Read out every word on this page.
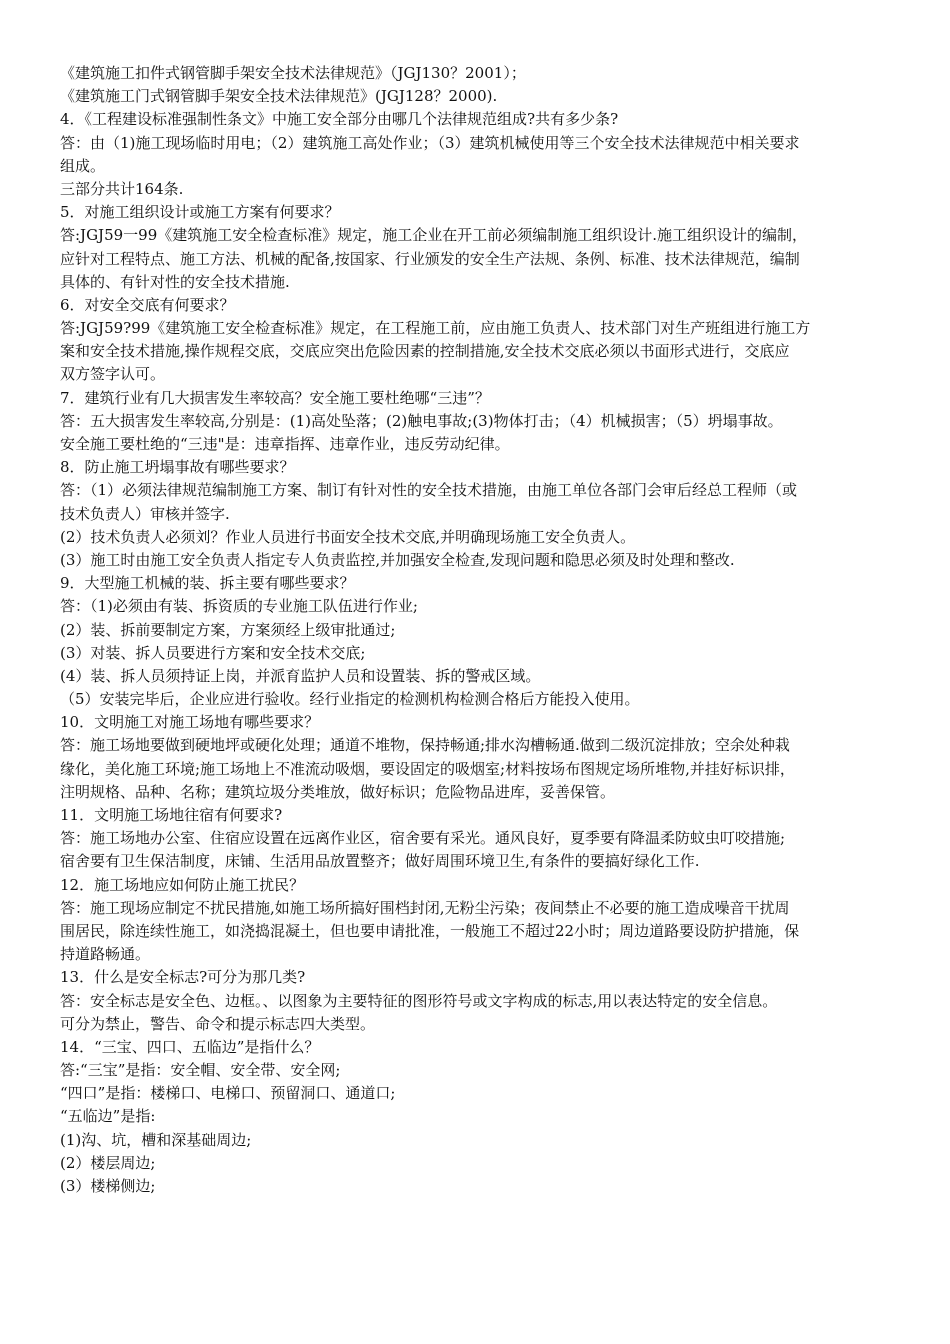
《建筑施工扣件式钢管脚手架安全技术法律规范》（JGJ130？2001）；
《建筑施工门式钢管脚手架安全技术法律规范》(JGJ128？2000).
4．《工程建设标准强制性条文》中施工安全部分由哪几个法律规范组成?共有多少条?
答：由（1)施工现场临时用电；（2）建筑施工高处作业；（3）建筑机械使用等三个安全技术法律规范中相关要求
组成。
三部分共计164条.
5．对施工组织设计或施工方案有何要求？
答:JGJ59一99《建筑施工安全检查标准》规定，施工企业在开工前必须编制施工组织设计.施工组织设计的编制，
应针对工程特点、施工方法、机械的配备,按国家、行业颁发的安全生产法规、条例、标准、技术法律规范，编制
具体的、有针对性的安全技术措施.
6．对安全交底有何要求？
答:JGJ59?99《建筑施工安全检查标准》规定，在工程施工前，应由施工负责人、技术部门对生产班组进行施工方
案和安全技术措施,操作规程交底，交底应突出危险因素的控制措施,安全技术交底必须以书面形式进行，交底应
双方签字认可。
7．建筑行业有几大损害发生率较高？安全施工要杜绝哪“三违”？
答：五大损害发生率较高,分别是：(1)高处坠落；(2)触电事故;(3)物体打击；（4）机械损害；（5）坍塌事故。
安全施工要杜绝的“三违"是：违章指挥、违章作业，违反劳动纪律。
8．防止施工坍塌事故有哪些要求？
答：（1）必须法律规范编制施工方案、制订有针对性的安全技术措施，由施工单位各部门会审后经总工程师（或
技术负责人）审核并签字.
(2）技术负责人必须刘？作业人员进行书面安全技术交底,并明确现场施工安全负责人。
(3）施工时由施工安全负责人指定专人负责监控,并加强安全检查,发现问题和隐思必须及时处理和整改.
9．大型施工机械的装、拆主要有哪些要求？
答：（1)必须由有装、拆资质的专业施工队伍进行作业;
(2）装、拆前要制定方案，方案须经上级审批通过;
(3）对装、拆人员要进行方案和安全技术交底;
(4）装、拆人员须持证上岗，并派育监护人员和设置装、拆的警戒区域。
（5）安装完毕后，企业应进行验收。经行业指定的检测机构检测合格后方能投入使用。
10．文明施工对施工场地有哪些要求？
答：施工场地要做到硬地坪或硬化处理；通道不堆物，保持畅通;排水沟槽畅通.做到二级沉淀排放；空余处种栽
缘化，美化施工环境;施工场地上不准流动吸烟，要设固定的吸烟室;材料按场布图规定场所堆物,并挂好标识排，
注明规格、品种、名称；建筑垃圾分类堆放，做好标识；危险物品进库，妥善保管。
11．文明施工场地往宿有何要求?
答：施工场地办公室、住宿应设置在远离作业区，宿舍要有采光。通风良好，夏季要有降温柔防蚊虫叮咬措施;
宿舍要有卫生保洁制度，床铺、生活用品放置整齐；做好周围环境卫生,有条件的要搞好绿化工作.
12．施工场地应如何防止施工扰民？
答：施工现场应制定不扰民措施,如施工场所搞好围档封闭,无粉尘污染；夜间禁止不必要的施工造成噪音干扰周
围居民，除连续性施工，如浇捣混凝土，但也要申请批准，一般施工不超过22小时；周边道路要设防护措施，保
持道路畅通。
13．什么是安全标志?可分为那几类?
答：安全标志是安全色、边框。、以图象为主要特征的图形符号或文字构成的标志,用以表达特定的安全信息。
可分为禁止，警告、命令和提示标志四大类型。
14．“三宝、四口、五临边”是指什么？
答:“三宝”是指：安全帽、安全带、安全网;
“四口”是指：楼梯口、电梯口、预留洞口、通道口;
“五临边”是指:
(1)沟、坑，槽和深基础周边;
(2）楼层周边;
(3）楼梯侧边;
